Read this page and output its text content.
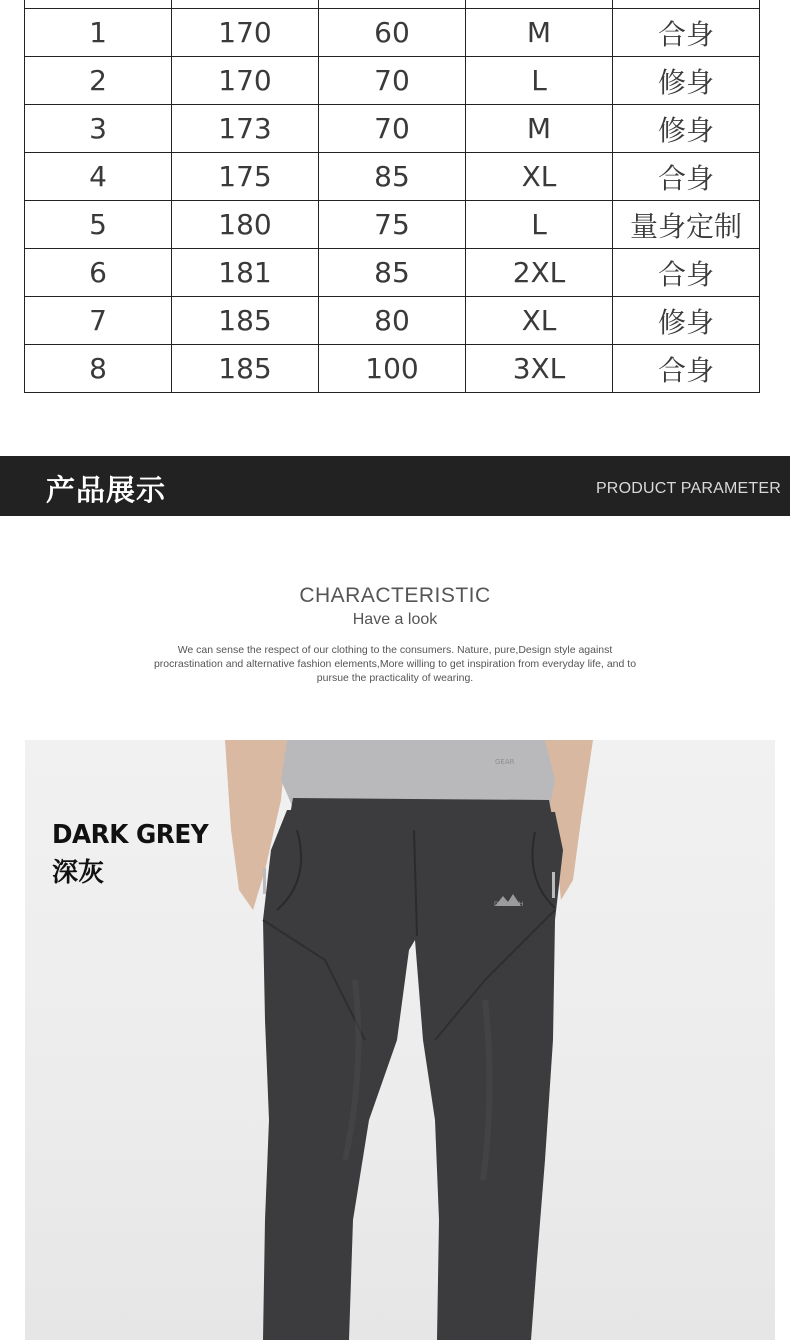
1	170	60	M	合身
2	170	70	L	修身
3	173	70	M	修身
4	175	85	XL	合身
5	180	75	L	量身定制
6	181	85	2XL	合身
7	185	80	XL	修身
8	185	100	3XL	合身
产品展示	PRODUCT PARAMETER
CHARACTERISTIC
Have a look
We can sense the respect of our clothing to the consumers. Nature, pure,Design style against procrastination and alternative fashion elements,More willing to get inspiration from everyday life, and to pursue the practicality of wearing.
GEAR
DRY-TECH
DARK GREY
深灰
